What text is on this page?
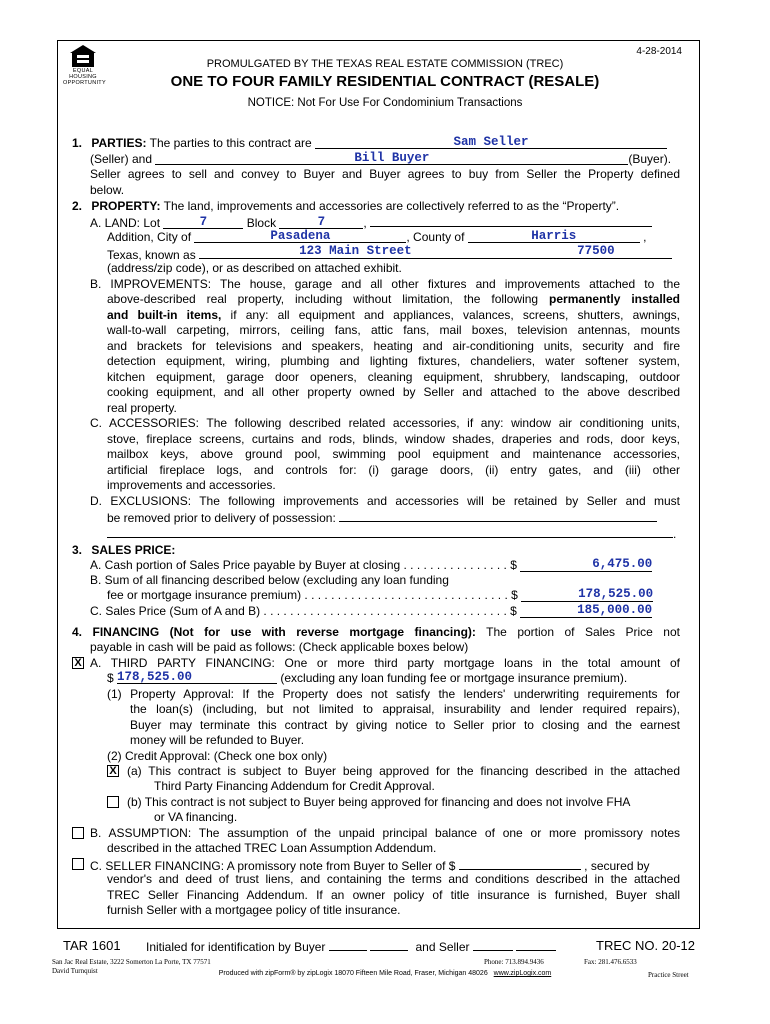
EQUAL HOUSING
OPPORTUNITY
4-28-2014
PROMULGATED BY THE TEXAS REAL ESTATE COMMISSION (TREC)
ONE TO FOUR FAMILY RESIDENTIAL CONTRACT (RESALE)
NOTICE: Not For Use For Condominium Transactions
1. PARTIES: The parties to this contract are	Sam Seller
(Seller) and	Bill Buyer	(Buyer).
Seller agrees to sell and convey to Buyer and Buyer agrees to buy from Seller the Property defined
below.
2. PROPERTY: The land, improvements and accessories are collectively referred to as the “Property”.
A. LAND: Lot	7	Block	7	,
Addition, City of	Pasadena	, County of	Harris	,
Texas, known as	123 Main Street	77500
(address/zip code), or as described on attached exhibit.
B. IMPROVEMENTS: The house, garage and all other fixtures and improvements attached to the
above-described real property, including without limitation, the following permanently installed
and built-in items, if any: all equipment and appliances, valances, screens, shutters, awnings,
wall-to-wall carpeting, mirrors, ceiling fans, attic fans, mail boxes, television antennas, mounts
and brackets for televisions and speakers, heating and air-conditioning units, security and fire
detection equipment, wiring, plumbing and lighting fixtures, chandeliers, water softener system,
kitchen equipment, garage door openers, cleaning equipment, shrubbery, landscaping, outdoor
cooking equipment, and all other property owned by Seller and attached to the above described
real property.
C. ACCESSORIES: The following described related accessories, if any: window air conditioning units,
stove, fireplace screens, curtains and rods, blinds, window shades, draperies and rods, door keys,
mailbox keys, above ground pool, swimming pool equipment and maintenance accessories,
artificial fireplace logs, and controls for: (i) garage doors, (ii) entry gates, and (iii) other
improvements and accessories.
D. EXCLUSIONS: The following improvements and accessories will be retained by Seller and must
be removed prior to delivery of possession:
.
3. SALES PRICE:
A. Cash portion of Sales Price payable by Buyer at closing . . . . . . . . . . . . . . . . $	6,475.00
B. Sum of all financing described below (excluding any loan funding
fee or mortgage insurance premium) . . . . . . . . . . . . . . . . . . . . . . . . . . . . . . . $	178,525.00
C. Sales Price (Sum of A and B) . . . . . . . . . . . . . . . . . . . . . . . . . . . . . . . . . . . . . $	185,000.00
4. FINANCING (Not for use with reverse mortgage financing): The portion of Sales Price not
payable in cash will be paid as follows: (Check applicable boxes below)
X A. THIRD PARTY FINANCING: One or more third party mortgage loans in the total amount of
$ 178,525.00	(excluding any loan funding fee or mortgage insurance premium).
(1) Property Approval: If the Property does not satisfy the lenders' underwriting requirements for
the loan(s) (including, but not limited to appraisal, insurability and lender required repairs),
Buyer may terminate this contract by giving notice to Seller prior to closing and the earnest
money will be refunded to Buyer.
(2) Credit Approval: (Check one box only)
X (a) This contract is subject to Buyer being approved for the financing described in the attached
Third Party Financing Addendum for Credit Approval.
(b) This contract is not subject to Buyer being approved for financing and does not involve FHA
or VA financing.
B. ASSUMPTION: The assumption of the unpaid principal balance of one or more promissory notes
described in the attached TREC Loan Assumption Addendum.
C. SELLER FINANCING: A promissory note from Buyer to Seller of $	, secured by
vendor's and deed of trust liens, and containing the terms and conditions described in the attached
TREC Seller Financing Addendum. If an owner policy of title insurance is furnished, Buyer shall
furnish Seller with a mortgagee policy of title insurance.
TAR 1601 Initialed for identification by Buyer	and Seller	TREC NO. 20-12
San Jac Real Estate, 3222 Somerton La Porte, TX 77571
David Turnquist
Phone: 713.894.9436	Fax: 281.476.6533
Produced with zipForm® by zipLogix 18070 Fifteen Mile Road, Fraser, Michigan 48026 www.zipLogix.com	Practice Street
